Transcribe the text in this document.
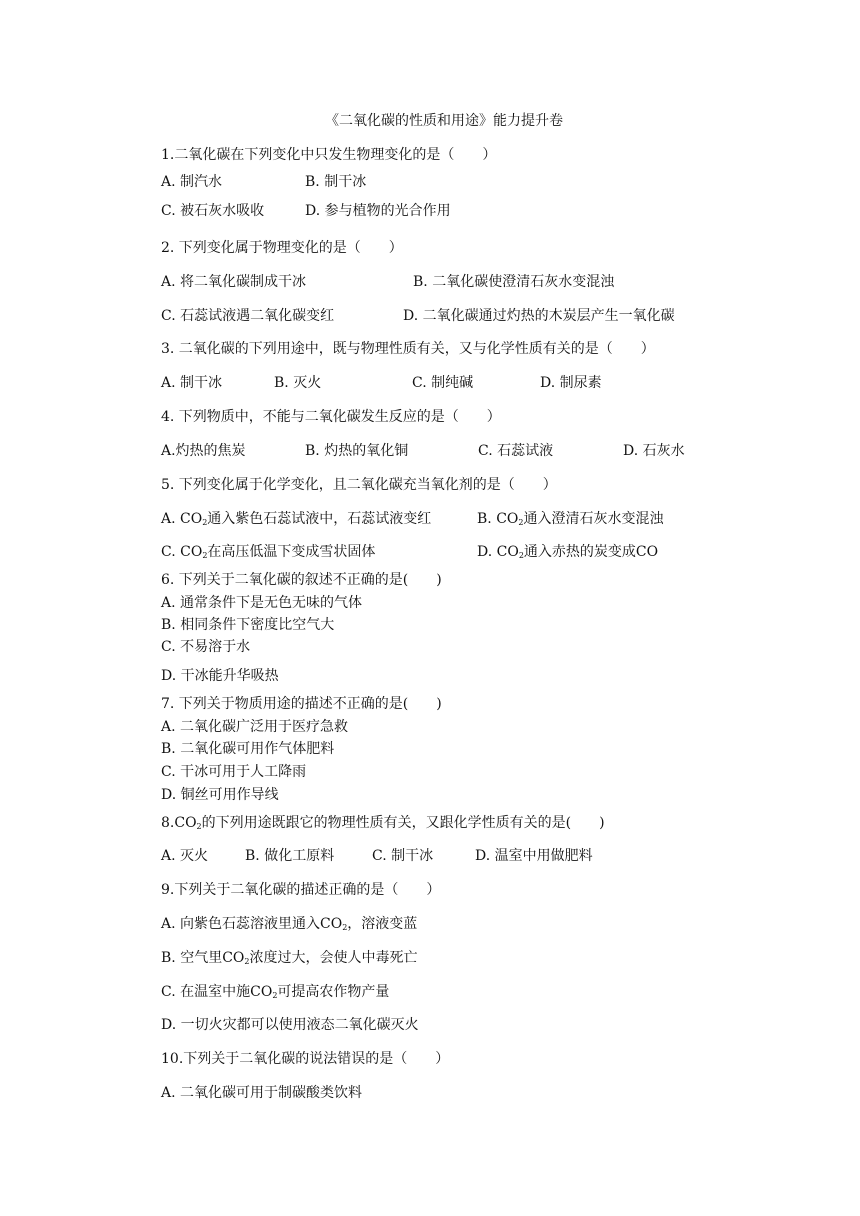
《二氧化碳的性质和用途》能力提升卷
1.二氧化碳在下列变化中只发生物理变化的是（　　）
A. 制汽水	B. 制干冰
C. 被石灰水吸收	D. 参与植物的光合作用
2. 下列变化属于物理变化的是（　　）
A. 将二氧化碳制成干冰	B. 二氧化碳使澄清石灰水变混浊
C. 石蕊试液遇二氧化碳变红	D. 二氧化碳通过灼热的木炭层产生一氧化碳
3. 二氧化碳的下列用途中，既与物理性质有关，又与化学性质有关的是（　　）
A. 制干冰	B. 灭火	C. 制纯碱	D. 制尿素
4. 下列物质中，不能与二氧化碳发生反应的是（　　）
A.灼热的焦炭	B. 灼热的氧化铜	C. 石蕊试液	D. 石灰水
5. 下列变化属于化学变化，且二氧化碳充当氧化剂的是（　　）
A. $CO_2$通入紫色石蕊试液中，石蕊试液变红	B. $CO_2$通入澄清石灰水变混浊
C. $CO_2$在高压低温下变成雪状固体	D. $CO_2$通入赤热的炭变成CO
6. 下列关于二氧化碳的叙述不正确的是(　　)
A. 通常条件下是无色无味的气体
B. 相同条件下密度比空气大
C. 不易溶于水
D. 干冰能升华吸热
7. 下列关于物质用途的描述不正确的是(　　)
A. 二氧化碳广泛用于医疗急救
B. 二氧化碳可用作气体肥料
C. 干冰可用于人工降雨
D. 铜丝可用作导线
$8.CO_2$的下列用途既跟它的物理性质有关，又跟化学性质有关的是(　　)
A. 灭火	B. 做化工原料	C. 制干冰	D. 温室中用做肥料
9.下列关于二氧化碳的描述正确的是（　　）
A. 向紫色石蕊溶液里通入$CO_2$，溶液变蓝
B. 空气里$CO_2$浓度过大，会使人中毒死亡
C. 在温室中施$CO_2$可提高农作物产量
D. 一切火灾都可以使用液态二氧化碳灭火
10.下列关于二氧化碳的说法错误的是（　　）
A. 二氧化碳可用于制碳酸类饮料
